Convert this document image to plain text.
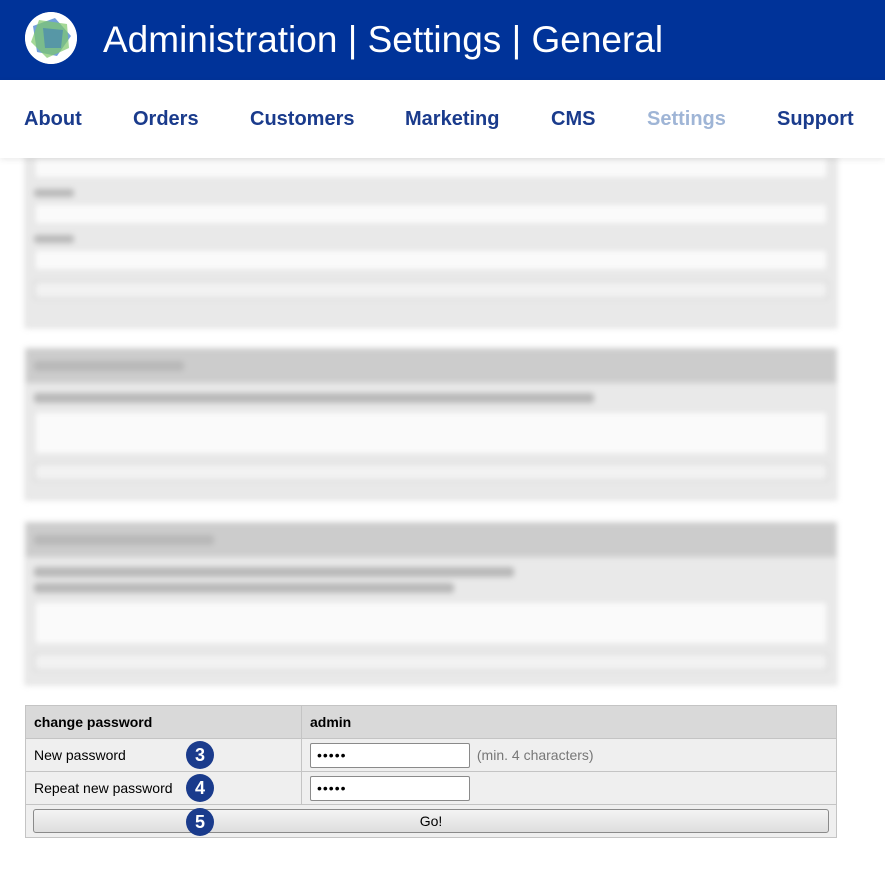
Administration | Settings | General
About	Orders	Customers	Marketing	CMS	Settings	Support
change password	admin
New password	•••••(min. 4 characters)
Repeat new password	•••••

Go!	
3
4
5
